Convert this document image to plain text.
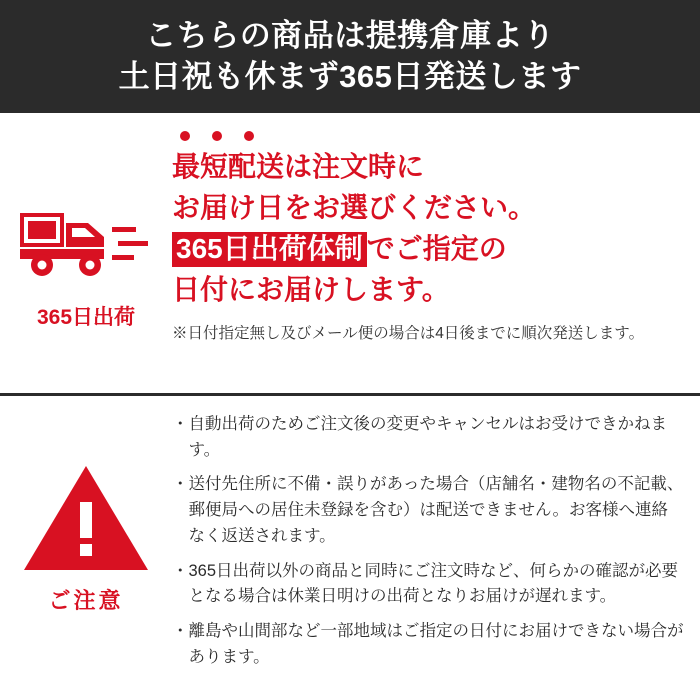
こちらの商品は提携倉庫より
土日祝も休まず365日発送します
365日出荷
最短配送は注文時に
お届け日をお選びください。
365日出荷体制 でご指定の
日付にお届けします。
※日付指定無し及びメール便の場合は4日後までに順次発送します。
ご注意
・ 自動出荷のためご注文後の変更やキャンセルはお受けできかねます。
・ 送付先住所に不備・誤りがあった場合（店舗名・建物名の不記載、郵便局への居住未登録を含む）は配送できません。お客様へ連絡なく返送されます。
・ 365日出荷以外の商品と同時にご注文時など、何らかの確認が必要となる場合は休業日明けの出荷となりお届けが遅れます。
・ 離島や山間部など一部地域はご指定の日付にお届けできない場合があります。
